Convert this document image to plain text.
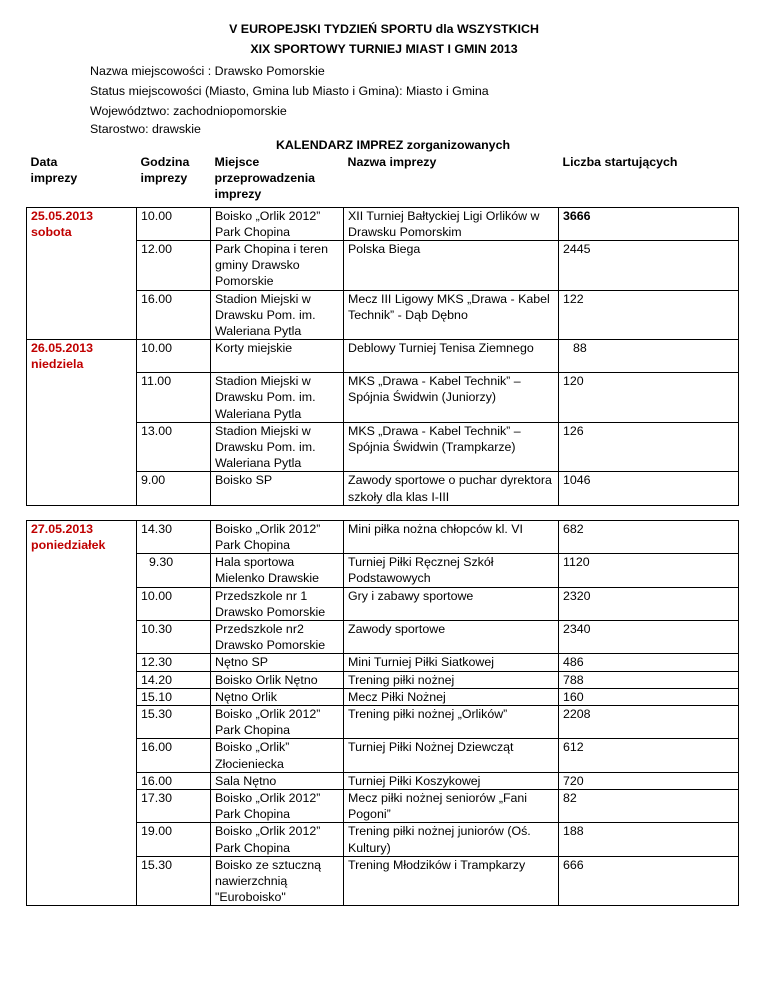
V EUROPEJSKI TYDZIEŃ SPORTU dla WSZYSTKICH
XIX SPORTOWY TURNIEJ MIAST I GMIN 2013
Nazwa miejscowości : Drawsko Pomorskie
Status miejscowości (Miasto, Gmina lub Miasto i Gmina): Miasto i Gmina
Województwo: zachodniopomorskie
Starostwo: drawskie
KALENDARZ IMPREZ zorganizowanych
Data imprezy	Godzina imprezy	Miejsce przeprowadzenia imprezy	Nazwa imprezy	Liczba startujących

25.05.2013
sobota	10.00	Boisko „Orlik 2012” Park Chopina	XII Turniej Bałtyckiej Ligi Orlików w Drawsku Pomorskim	3666
	12.00	Park Chopina i teren gminy Drawsko Pomorskie	Polska Biega	2445
	16.00	Stadion Miejski w Drawsku Pom. im. Waleriana Pytla	Mecz III Ligowy MKS „Drawa - Kabel Technik” - Dąb Dębno	122

26.05.2013
niedziela	10.00	Korty miejskie	Deblowy Turniej Tenisa Ziemnego	88
	11.00	Stadion Miejski w Drawsku Pom. im. Waleriana Pytla	MKS „Drawa - Kabel Technik” – Spójnia Świdwin (Juniorzy)	120
	13.00	Stadion Miejski w Drawsku Pom. im. Waleriana Pytla	MKS „Drawa - Kabel Technik” – Spójnia Świdwin (Trampkarze)	126
	9.00	Boisko SP	Zawody sportowe o puchar dyrektora szkoły dla klas I-III	1046

27.05.2013
poniedziałek	14.30	Boisko „Orlik 2012” Park Chopina	Mini piłka nożna chłopców kl. VI	682
	9.30	Hala sportowa Mielenko Drawskie	Turniej Piłki Ręcznej Szkół Podstawowych	1120
	10.00	Przedszkole nr 1 Drawsko Pomorskie	Gry i zabawy sportowe	2320
	10.30	Przedszkole nr2 Drawsko Pomorskie	Zawody sportowe	2340
	12.30	Nętno SP	Mini Turniej Piłki Siatkowej	486
	14.20	Boisko Orlik Nętno	Trening piłki nożnej	788
	15.10	Nętno Orlik	Mecz Piłki Nożnej	160
	15.30	Boisko „Orlik 2012” Park Chopina	Trening piłki nożnej „Orlików”	2208
	16.00	Boisko „Orlik” Złocieniecka	Turniej Piłki Nożnej Dziewcząt	612
	16.00	Sala Nętno	Turniej Piłki Koszykowej	720
	17.30	Boisko „Orlik 2012” Park Chopina	Mecz piłki nożnej seniorów „Fani Pogoni”	82
	19.00	Boisko „Orlik 2012” Park Chopina	Trening piłki nożnej juniorów (Oś. Kultury)	188
	15.30	Boisko ze sztuczną nawierzchnią "Euroboisko"	Trening Młodzików i Trampkarzy	666
